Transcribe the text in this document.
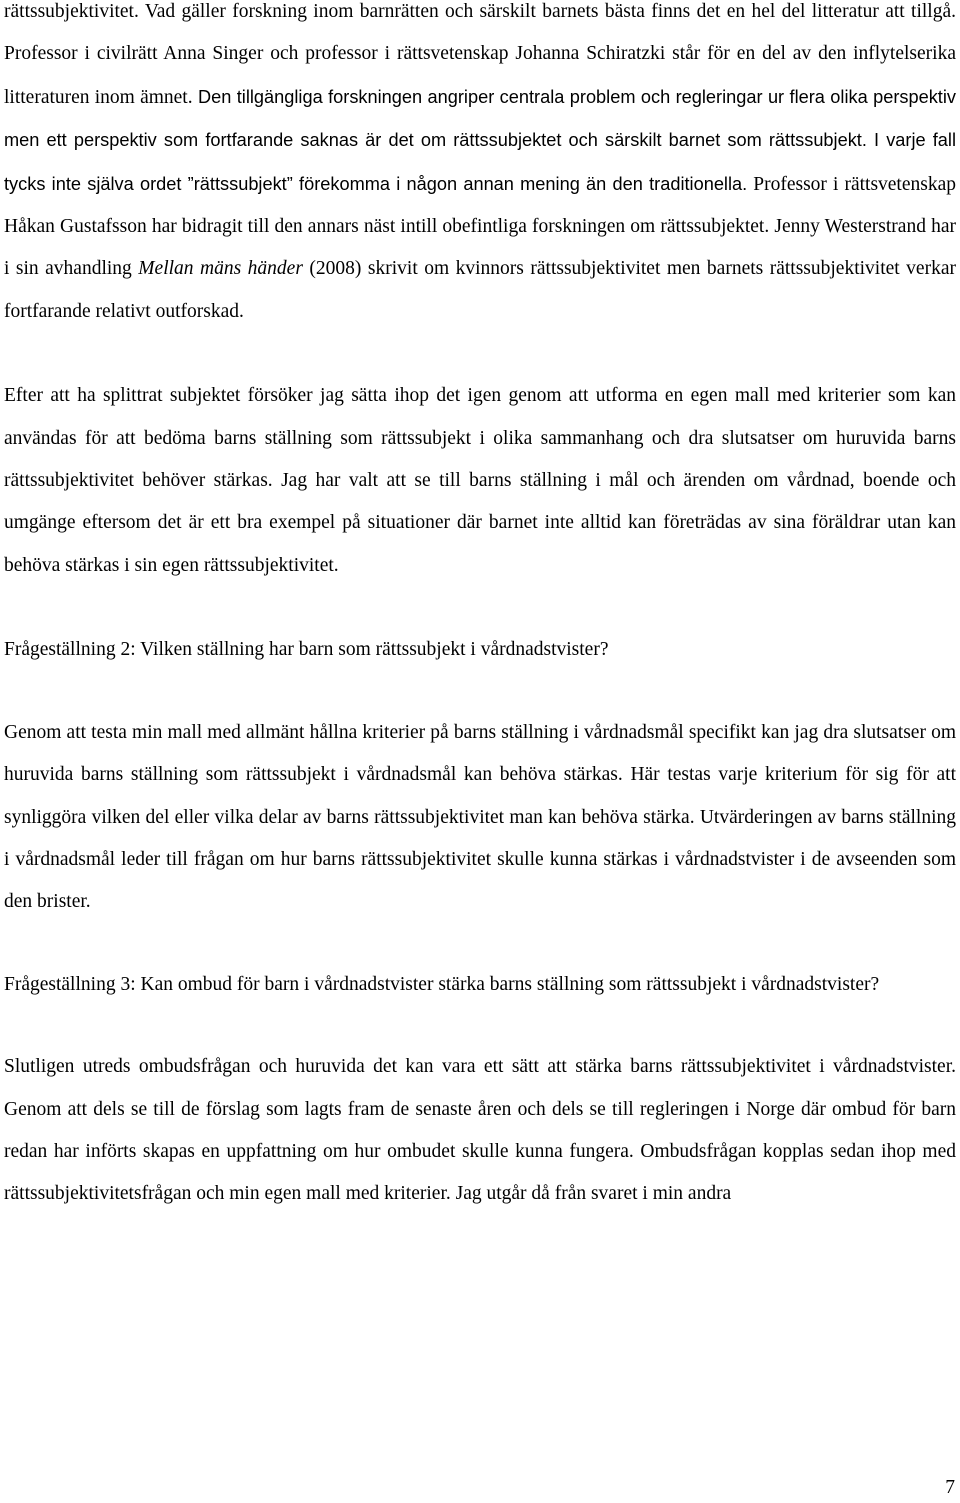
rättssubjektivitet. Vad gäller forskning inom barnrätten och särskilt barnets bästa finns det en hel del litteratur att tillgå. Professor i civilrätt Anna Singer och professor i rättsvetenskap Johanna Schiratzki står för en del av den inflytelserika litteraturen inom ämnet. Den tillgängliga forskningen angriper centrala problem och regleringar ur flera olika perspektiv men ett perspektiv som fortfarande saknas är det om rättssubjektet och särskilt barnet som rättssubjekt. I varje fall tycks inte själva ordet ”rättssubjekt” förekomma i någon annan mening än den traditionella. Professor i rättsvetenskap Håkan Gustafsson har bidragit till den annars näst intill obefintliga forskningen om rättssubjektet. Jenny Westerstrand har i sin avhandling Mellan mäns händer (2008) skrivit om kvinnors rättssubjektivitet men barnets rättssubjektivitet verkar fortfarande relativt outforskad.

Efter att ha splittrat subjektet försöker jag sätta ihop det igen genom att utforma en egen mall med kriterier som kan användas för att bedöma barns ställning som rättssubjekt i olika sammanhang och dra slutsatser om huruvida barns rättssubjektivitet behöver stärkas. Jag har valt att se till barns ställning i mål och ärenden om vårdnad, boende och umgänge eftersom det är ett bra exempel på situationer där barnet inte alltid kan företrädas av sina föräldrar utan kan behöva stärkas i sin egen rättssubjektivitet.

Frågeställning 2: Vilken ställning har barn som rättssubjekt i vårdnadstvister?

Genom att testa min mall med allmänt hållna kriterier på barns ställning i vårdnadsmål specifikt kan jag dra slutsatser om huruvida barns ställning som rättssubjekt i vårdnadsmål kan behöva stärkas. Här testas varje kriterium för sig för att synliggöra vilken del eller vilka delar av barns rättssubjektivitet man kan behöva stärka. Utvärderingen av barns ställning i vårdnadsmål leder till frågan om hur barns rättssubjektivitet skulle kunna stärkas i vårdnadstvister i de avseenden som den brister.

Frågeställning 3: Kan ombud för barn i vårdnadstvister stärka barns ställning som rättssubjekt i vårdnadstvister?

Slutligen utreds ombudsfrågan och huruvida det kan vara ett sätt att stärka barns rättssubjektivitet i vårdnadstvister. Genom att dels se till de förslag som lagts fram de senaste åren och dels se till regleringen i Norge där ombud för barn redan har införts skapas en uppfattning om hur ombudet skulle kunna fungera. Ombudsfrågan kopplas sedan ihop med rättssubjektivitetsfrågan och min egen mall med kriterier. Jag utgår då från svaret i min andra

7
